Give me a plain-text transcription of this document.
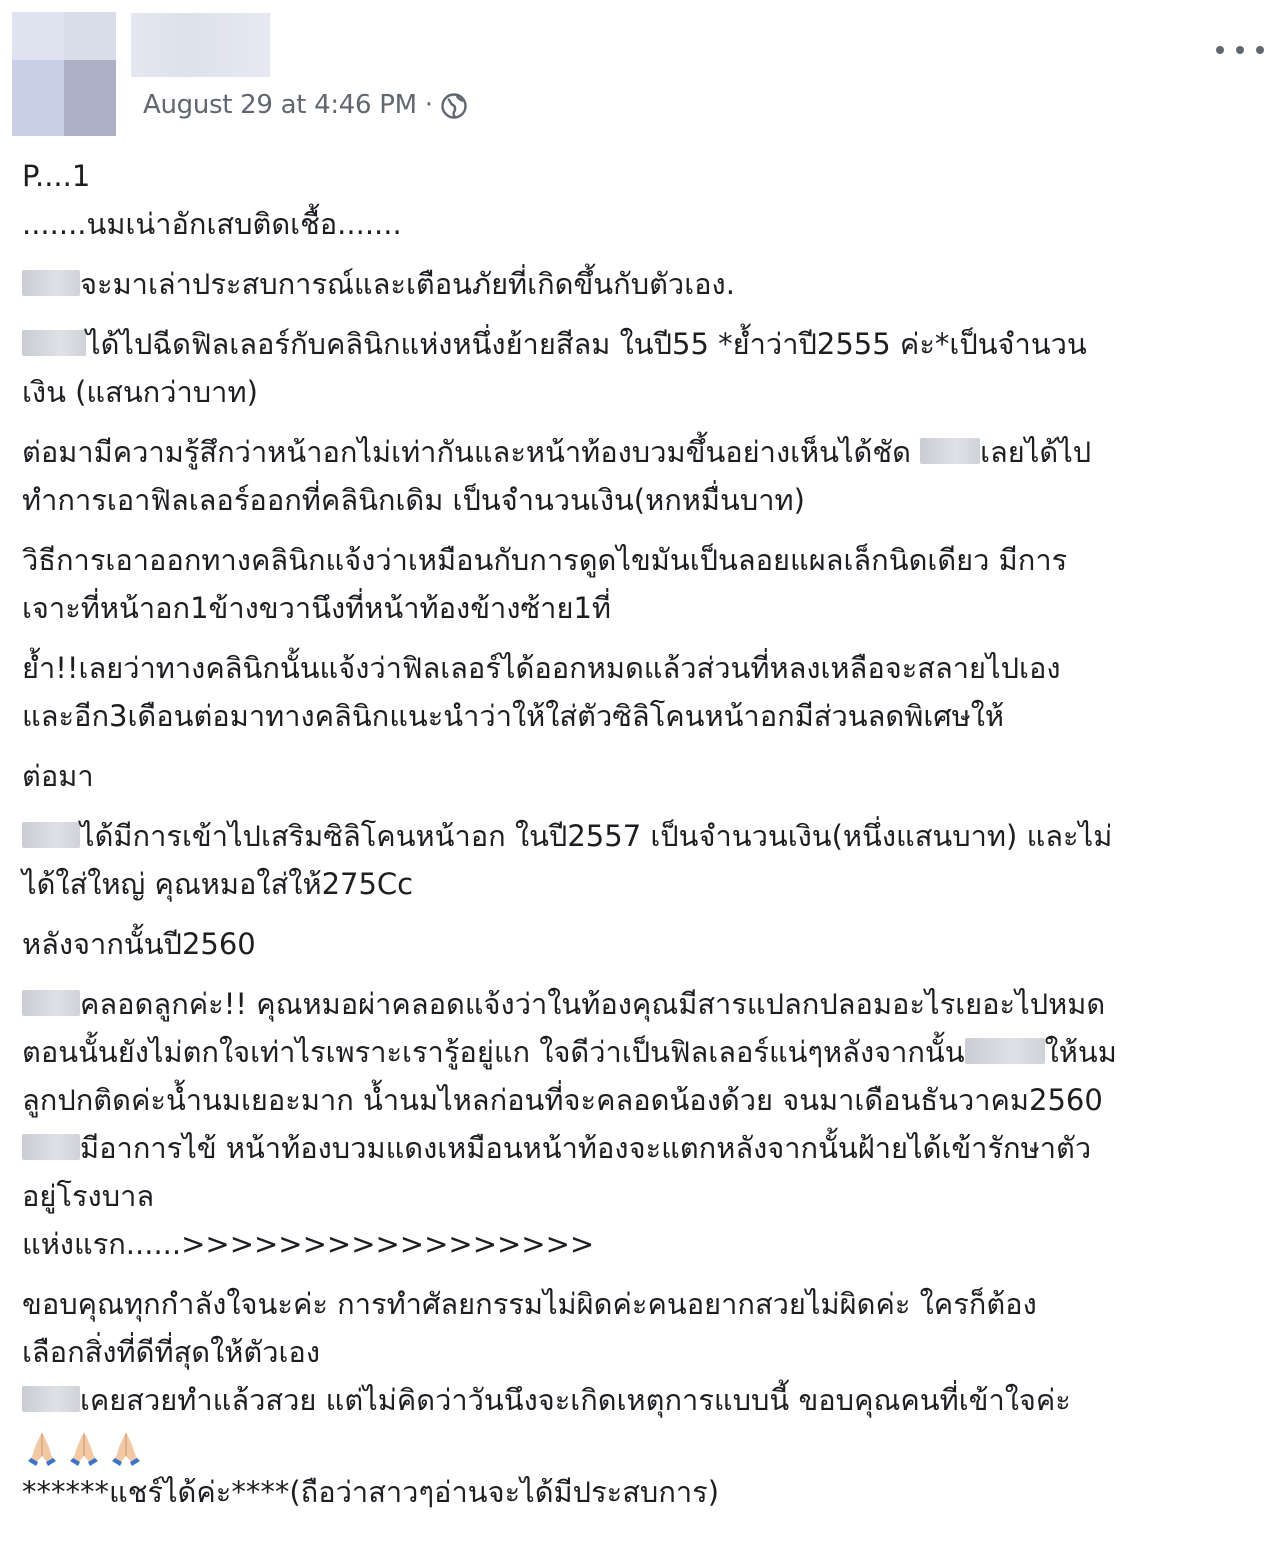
August 29 at 4:46 PM ·

P....1

.......นมเน่าอักเสบติดเชื้อ.......

จะมาเล่าประสบการณ์และเตือนภัยที่เกิดขึ้นกับตัวเอง.

ได้ไปฉีดฟิลเลอร์กับคลินิกแห่งหนึ่งย้ายสีลม ในปี55 *ย้ำว่าปี2555 ค่ะ*เป็นจำนวน

เงิน (แสนกว่าบาท)

ต่อมามีความรู้สึกว่าหน้าอกไม่เท่ากันและหน้าท้องบวมขึ้นอย่างเห็นได้ชัด เลยได้ไป

ทำการเอาฟิลเลอร์ออกที่คลินิกเดิม เป็นจำนวนเงิน(หกหมื่นบาท)

วิธีการเอาออกทางคลินิกแจ้งว่าเหมือนกับการดูดไขมันเป็นลอยแผลเล็กนิดเดียว มีการ

เจาะที่หน้าอก1ข้างขวานึงที่หน้าท้องข้างซ้าย1ที่

ย้ำ!!เลยว่าทางคลินิกนั้นแจ้งว่าฟิลเลอร์ได้ออกหมดแล้วส่วนที่หลงเหลือจะสลายไปเอง

และอีก3เดือนต่อมาทางคลินิกแนะนำว่าให้ใส่ตัวซิลิโคนหน้าอกมีส่วนลดพิเศษให้

ต่อมา

ได้มีการเข้าไปเสริมซิลิโคนหน้าอก ในปี2557 เป็นจำนวนเงิน(หนึ่งแสนบาท) และไม่

ได้ใส่ใหญ่ คุณหมอใส่ให้275Cc

หลังจากนั้นปี2560

คลอดลูกค่ะ!! คุณหมอผ่าคลอดแจ้งว่าในท้องคุณมีสารแปลกปลอมอะไรเยอะไปหมด

ตอนนั้นยังไม่ตกใจเท่าไรเพราะเรารู้อยู่แก ใจดีว่าเป็นฟิลเลอร์แน่ๆหลังจากนั้น	ให้นม

ลูกปกติดค่ะน้ำนมเยอะมาก น้ำนมไหลก่อนที่จะคลอดน้องด้วย จนมาเดือนธันวาคม2560

มีอาการไข้ หน้าท้องบวมแดงเหมือนหน้าท้องจะแตกหลังจากนั้นฝ้ายได้เข้ารักษาตัว

อยู่โรงบาล

แห่งแรก......>>>>>>>>>>>>>>>>>

ขอบคุณทุกกำลังใจนะค่ะ การทำศัลยกรรมไม่ผิดค่ะคนอยากสวยไม่ผิดค่ะ ใครก็ต้อง

เลือกสิ่งที่ดีที่สุดให้ตัวเอง

เคยสวยทำแล้วสวย แต่ไม่คิดว่าวันนึงจะเกิดเหตุการแบบนี้ ขอบคุณคนที่เข้าใจค่ะ

******แชร์ได้ค่ะ****(ถือว่าสาวๆอ่านจะได้มีประสบการ)
